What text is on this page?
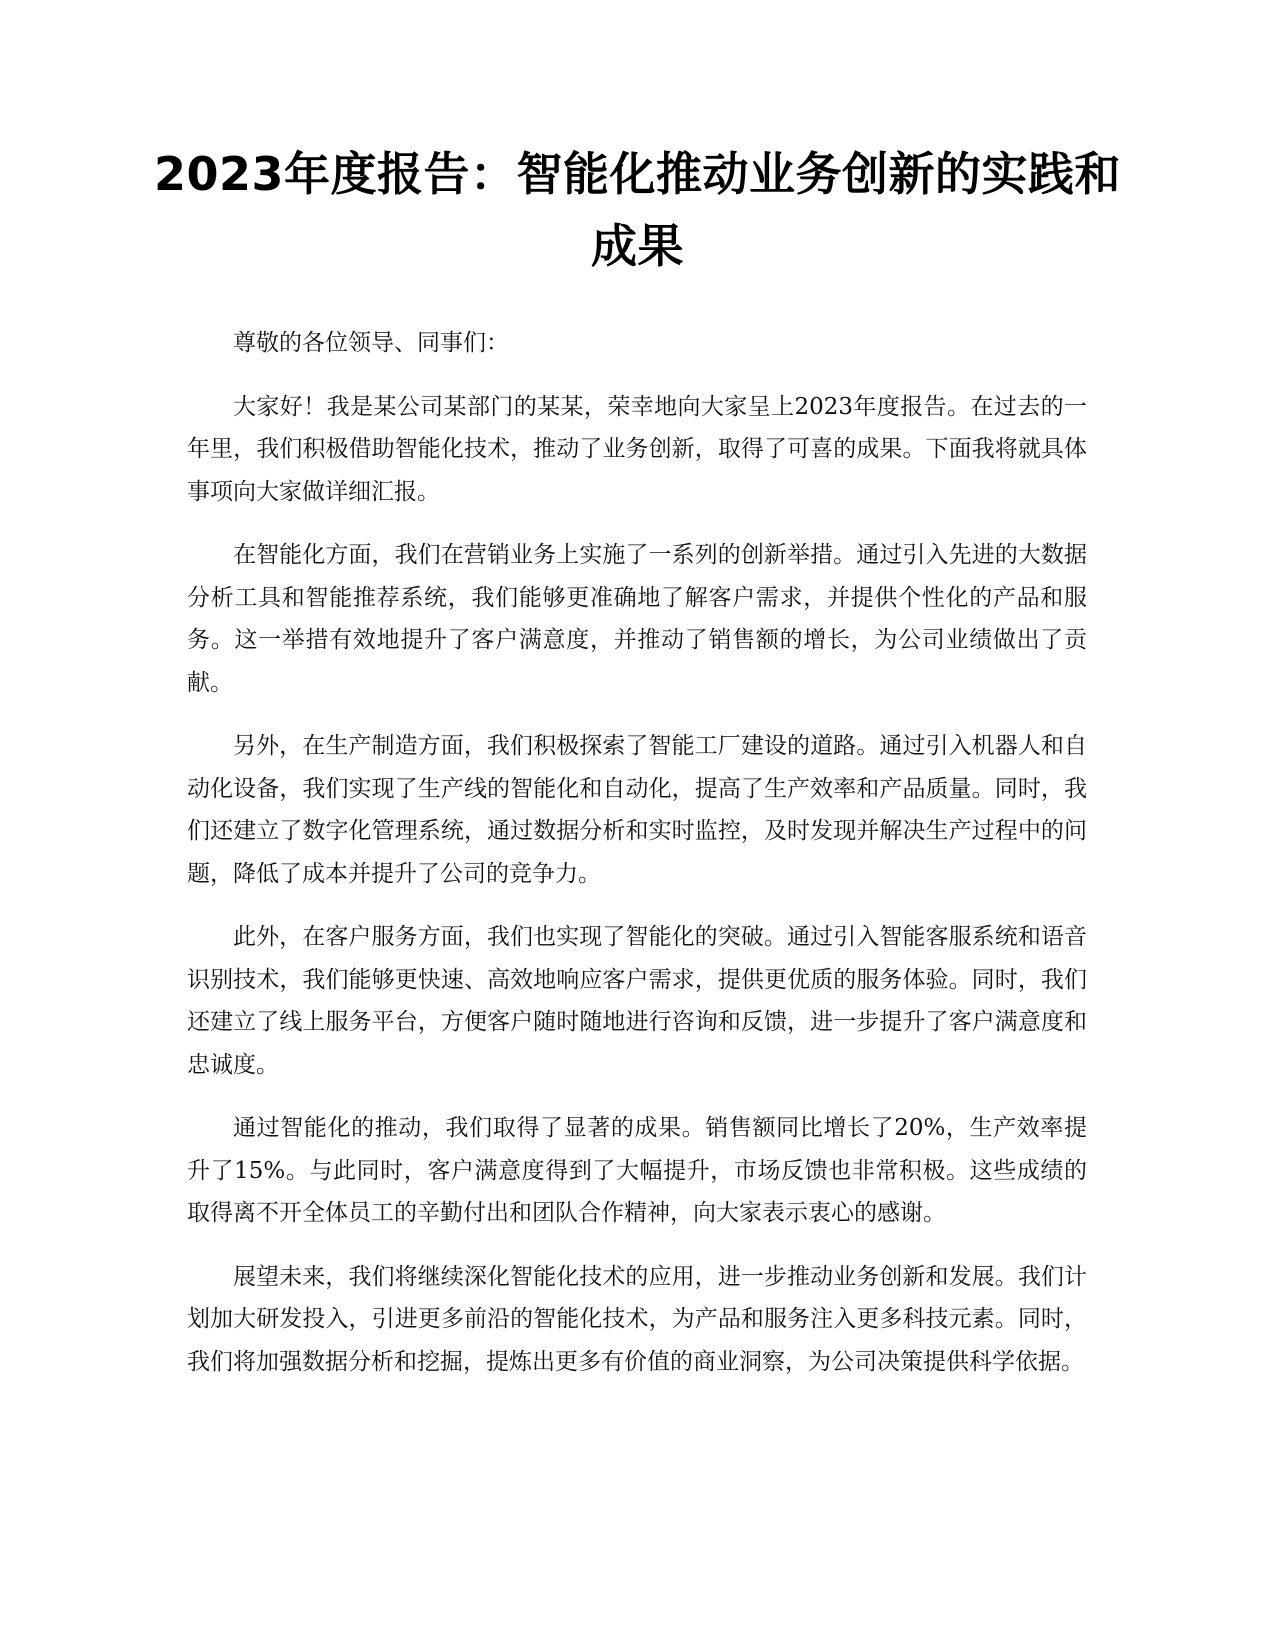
2023年度报告：智能化推动业务创新的实践和成果

尊敬的各位领导、同事们：

大家好！我是某公司某部门的某某，荣幸地向大家呈上2023年度报告。在过去的一年里，我们积极借助智能化技术，推动了业务创新，取得了可喜的成果。下面我将就具体事项向大家做详细汇报。

在智能化方面，我们在营销业务上实施了一系列的创新举措。通过引入先进的大数据分析工具和智能推荐系统，我们能够更准确地了解客户需求，并提供个性化的产品和服务。这一举措有效地提升了客户满意度，并推动了销售额的增长，为公司业绩做出了贡献。

另外，在生产制造方面，我们积极探索了智能工厂建设的道路。通过引入机器人和自动化设备，我们实现了生产线的智能化和自动化，提高了生产效率和产品质量。同时，我们还建立了数字化管理系统，通过数据分析和实时监控，及时发现并解决生产过程中的问题，降低了成本并提升了公司的竞争力。

此外，在客户服务方面，我们也实现了智能化的突破。通过引入智能客服系统和语音识别技术，我们能够更快速、高效地响应客户需求，提供更优质的服务体验。同时，我们还建立了线上服务平台，方便客户随时随地进行咨询和反馈，进一步提升了客户满意度和忠诚度。

通过智能化的推动，我们取得了显著的成果。销售额同比增长了20%，生产效率提升了15%。与此同时，客户满意度得到了大幅提升，市场反馈也非常积极。这些成绩的取得离不开全体员工的辛勤付出和团队合作精神，向大家表示衷心的感谢。

展望未来，我们将继续深化智能化技术的应用，进一步推动业务创新和发展。我们计划加大研发投入，引进更多前沿的智能化技术，为产品和服务注入更多科技元素。同时，我们将加强数据分析和挖掘，提炼出更多有价值的商业洞察，为公司决策提供科学依据。
